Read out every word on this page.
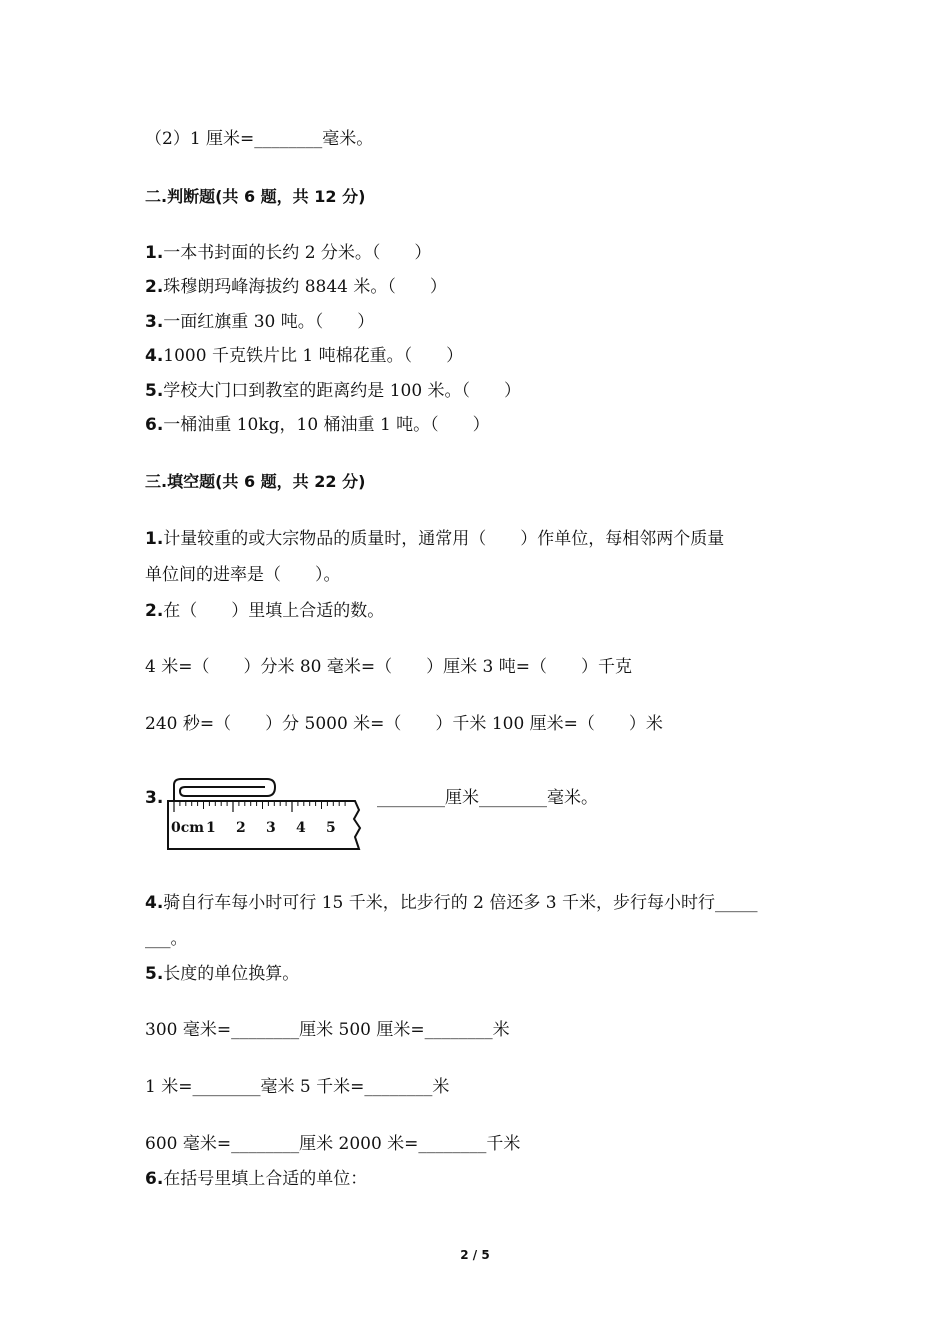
（2）1 厘米=________毫米。
二.判断题(共 6 题，共 12 分)
1.一本书封面的长约 2 分米。（　　）
2.珠穆朗玛峰海拔约 8844 米。（　　）
3.一面红旗重 30 吨。（　　）
4.1000 千克铁片比 1 吨棉花重。（　　）
5.学校大门口到教室的距离约是 100 米。（　　）
6.一桶油重 10kg，10 桶油重 1 吨。（　　）
三.填空题(共 6 题，共 22 分)
1.计量较重的或大宗物品的质量时，通常用（　　）作单位，每相邻两个质量
单位间的进率是（　　）。
2.在（　　）里填上合适的数。
4 米=（　　）分米 80 毫米=（　　）厘米 3 吨=（　　）千克
240 秒=（　　）分 5000 米=（　　）千米 100 厘米=（　　）米
3.	________厘米________毫米。
0cm 1 2 3 4 5
4.骑自行车每小时可行 15 千米，比步行的 2 倍还多 3 千米，步行每小时行_____
___。
5.长度的单位换算。
300 毫米=________厘米 500 厘米=________米
1 米=________毫米 5 千米=________米
600 毫米=________厘米 2000 米=________千米
6.在括号里填上合适的单位：
2 / 5
